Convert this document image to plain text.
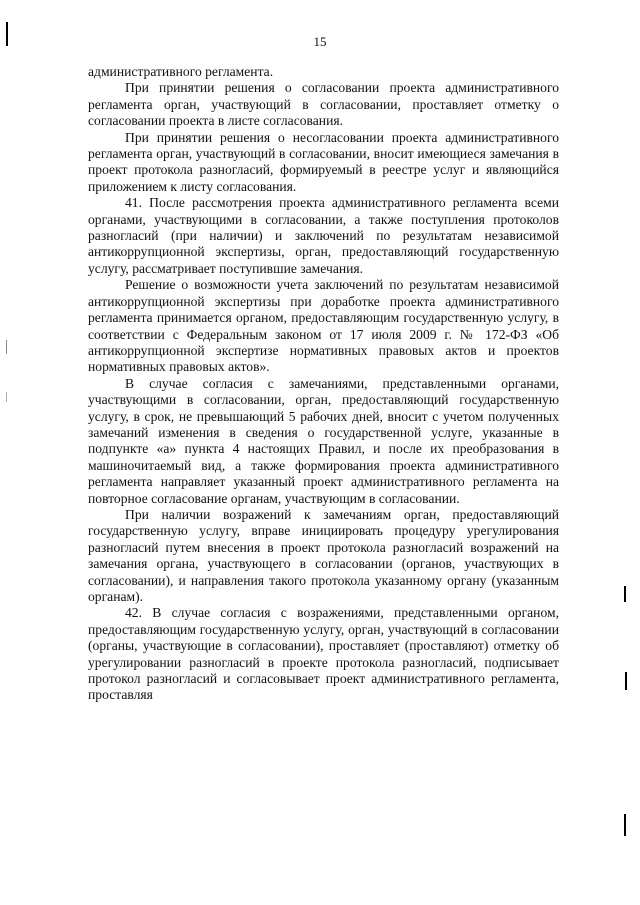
15

административного регламента.

При принятии решения о согласовании проекта административного регламента орган, участвующий в согласовании, проставляет отметку о согласовании проекта в листе согласования.

При принятии решения о несогласовании проекта административного регламента орган, участвующий в согласовании, вносит имеющиеся замечания в проект протокола разногласий, формируемый в реестре услуг и являющийся приложением к листу согласования.

41. После рассмотрения проекта административного регламента всеми органами, участвующими в согласовании, а также поступления протоколов разногласий (при наличии) и заключений по результатам независимой антикоррупционной экспертизы, орган, предоставляющий государственную услугу, рассматривает поступившие замечания.

Решение о возможности учета заключений по результатам независимой антикоррупционной экспертизы при доработке проекта административного регламента принимается органом, предоставляющим государственную услугу, в соответствии с Федеральным законом от 17 июля 2009 г. № 172-ФЗ «Об антикоррупционной экспертизе нормативных правовых актов и проектов нормативных правовых актов».

В случае согласия с замечаниями, представленными органами, участвующими в согласовании, орган, предоставляющий государственную услугу, в срок, не превышающий 5 рабочих дней, вносит с учетом полученных замечаний изменения в сведения о государственной услуге, указанные в подпункте «а» пункта 4 настоящих Правил, и после их преобразования в машиночитаемый вид, а также формирования проекта административного регламента направляет указанный проект административного регламента на повторное согласование органам, участвующим в согласовании.

При наличии возражений к замечаниям орган, предоставляющий государственную услугу, вправе инициировать процедуру урегулирования разногласий путем внесения в проект протокола разногласий возражений на замечания органа, участвующего в согласовании (органов, участвующих в согласовании), и направления такого протокола указанному органу (указанным органам).

42. В случае согласия с возражениями, представленными органом, предоставляющим государственную услугу, орган, участвующий в согласовании (органы, участвующие в согласовании), проставляет (проставляют) отметку об урегулировании разногласий в проекте протокола разногласий, подписывает протокол разногласий и согласовывает проект административного регламента, проставляя
